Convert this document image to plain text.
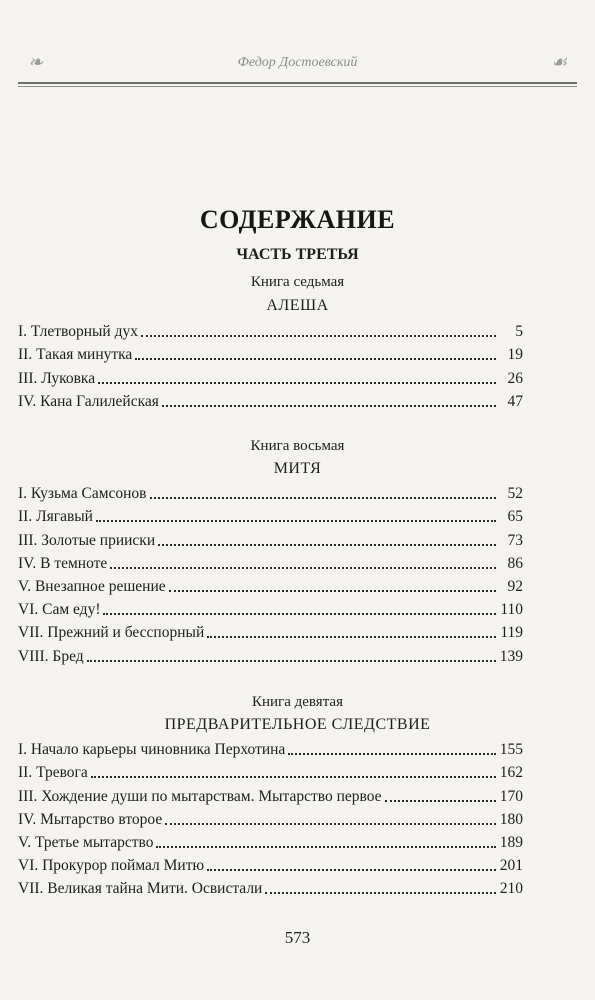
❧	Федор Достоевский	☙
СОДЕРЖАНИЕ
ЧАСТЬ ТРЕТЬЯ
Книга седьмая
АЛЕША
I. Тлетворный дух	5
II. Такая минутка	19
III. Луковка	26
IV. Кана Галилейская	47
Книга восьмая
МИТЯ
I. Кузьма Самсонов	52
II. Лягавый	65
III. Золотые прииски	73
IV. В темноте	86
V. Внезапное решение	92
VI. Сам еду!	110
VII. Прежний и бесспорный	119
VIII. Бред	139
Книга девятая
ПРЕДВАРИТЕЛЬНОЕ СЛЕДСТВИЕ
I. Начало карьеры чиновника Перхотина	155
II. Тревога	162
III. Хождение души по мытарствам. Мытарство первое	170
IV. Мытарство второе	180
V. Третье мытарство	189
VI. Прокурор поймал Митю	201
VII. Великая тайна Мити. Освистали	210
573
